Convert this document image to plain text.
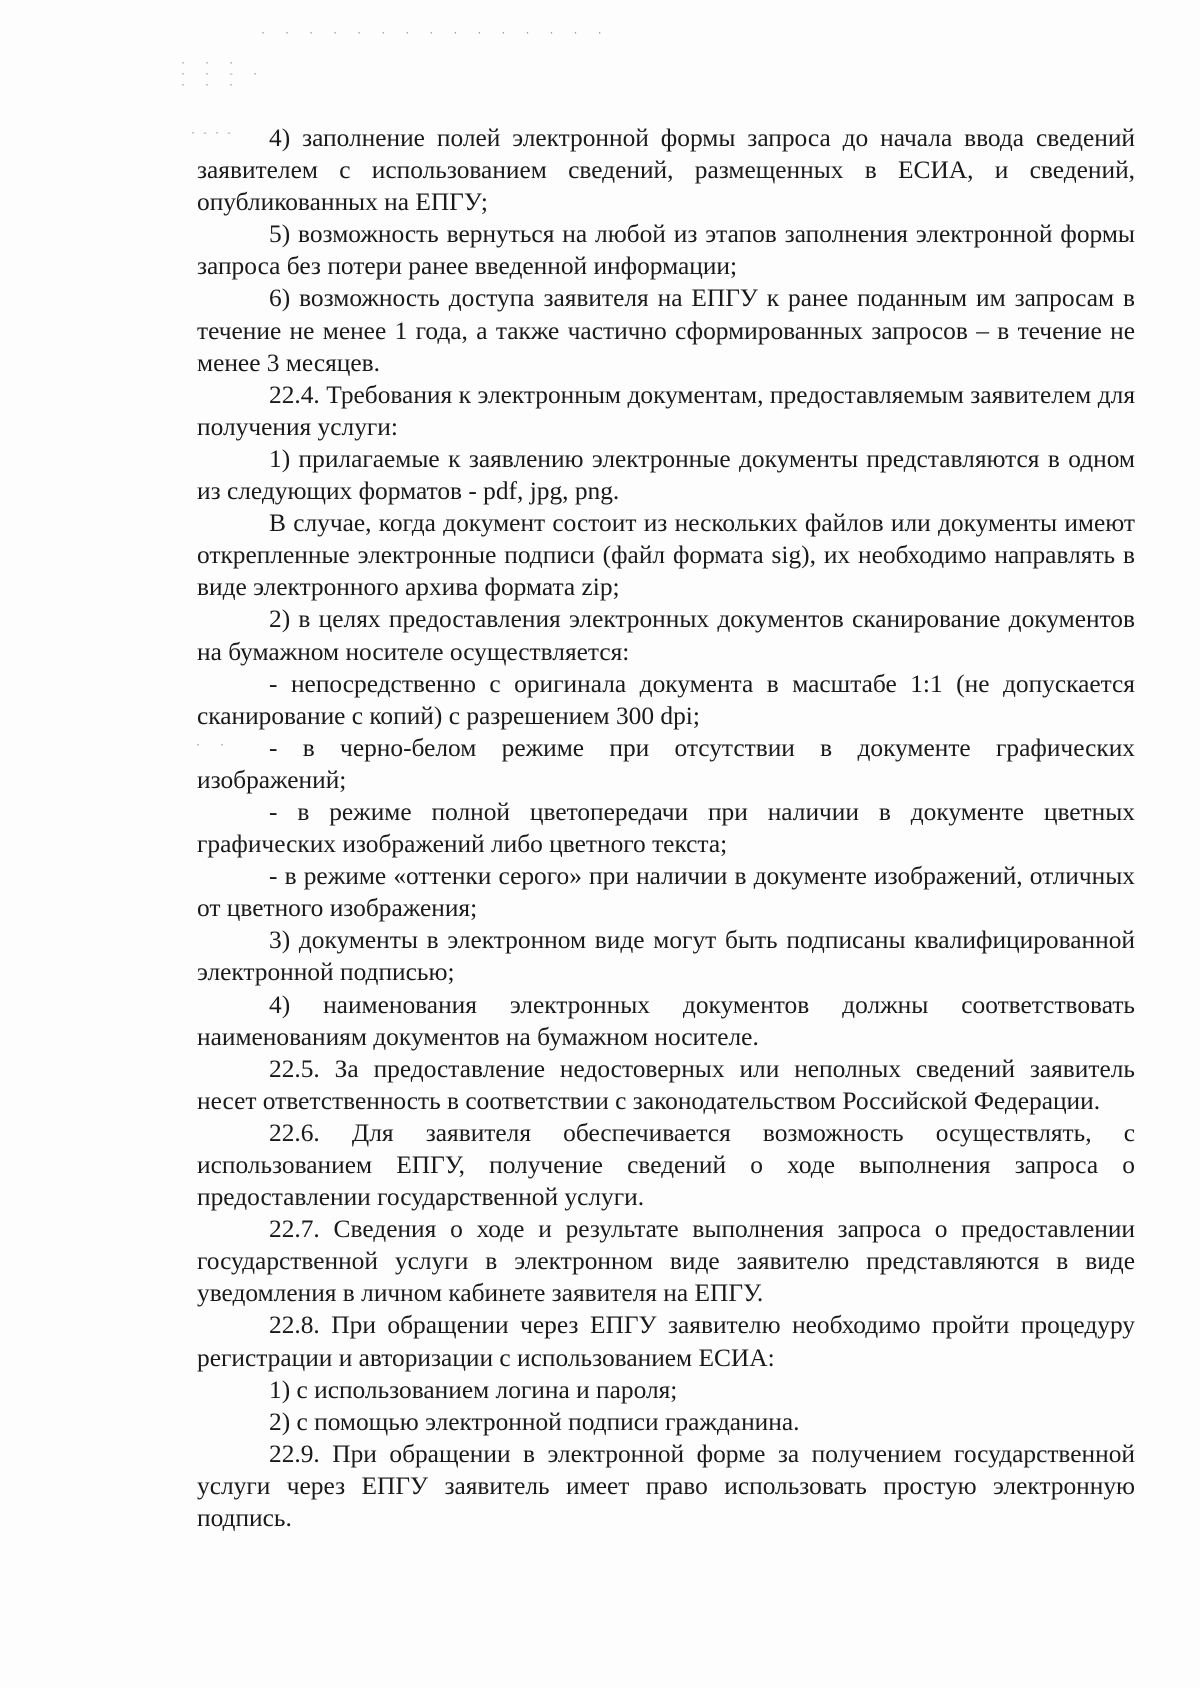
· · · · · · · · · · · · · · ·
· · ·
· · - ·
· · ·
·-·-
· ·

4) заполнение полей электронной формы запроса до начала ввода сведений заявителем с использованием сведений, размещенных в ЕСИА, и сведений, опубликованных на ЕПГУ;

5) возможность вернуться на любой из этапов заполнения электронной формы запроса без потери ранее введенной информации;

6) возможность доступа заявителя на ЕПГУ к ранее поданным им запросам в течение не менее 1 года, а также частично сформированных запросов – в течение не менее 3 месяцев.

22.4. Требования к электронным документам, предоставляемым заявителем для получения услуги:

1) прилагаемые к заявлению электронные документы представляются в одном из следующих форматов - pdf, jpg, png.

В случае, когда документ состоит из нескольких файлов или документы имеют открепленные электронные подписи (файл формата sig), их необходимо направлять в виде электронного архива формата zip;

2) в целях предоставления электронных документов сканирование документов на бумажном носителе осуществляется:

- непосредственно с оригинала документа в масштабе 1:1 (не допускается сканирование с копий) с разрешением 300 dpi;

- в черно-белом режиме при отсутствии в документе графических изображений;

- в режиме полной цветопередачи при наличии в документе цветных графических изображений либо цветного текста;

- в режиме «оттенки серого» при наличии в документе изображений, отличных от цветного изображения;

3) документы в электронном виде могут быть подписаны квалифицированной электронной подписью;

4) наименования электронных документов должны соответствовать наименованиям документов на бумажном носителе.

22.5. За предоставление недостоверных или неполных сведений заявитель несет ответственность в соответствии с законодательством Российской Федерации.

22.6. Для заявителя обеспечивается возможность осуществлять, с использованием ЕПГУ, получение сведений о ходе выполнения запроса о предоставлении государственной услуги.

22.7. Сведения о ходе и результате выполнения запроса о предоставлении государственной услуги в электронном виде заявителю представляются в виде уведомления в личном кабинете заявителя на ЕПГУ.

22.8. При обращении через ЕПГУ заявителю необходимо пройти процедуру регистрации и авторизации с использованием ЕСИА:

1) с использованием логина и пароля;

2) с помощью электронной подписи гражданина.

22.9. При обращении в электронной форме за получением государственной услуги через ЕПГУ заявитель имеет право использовать простую электронную подпись.
